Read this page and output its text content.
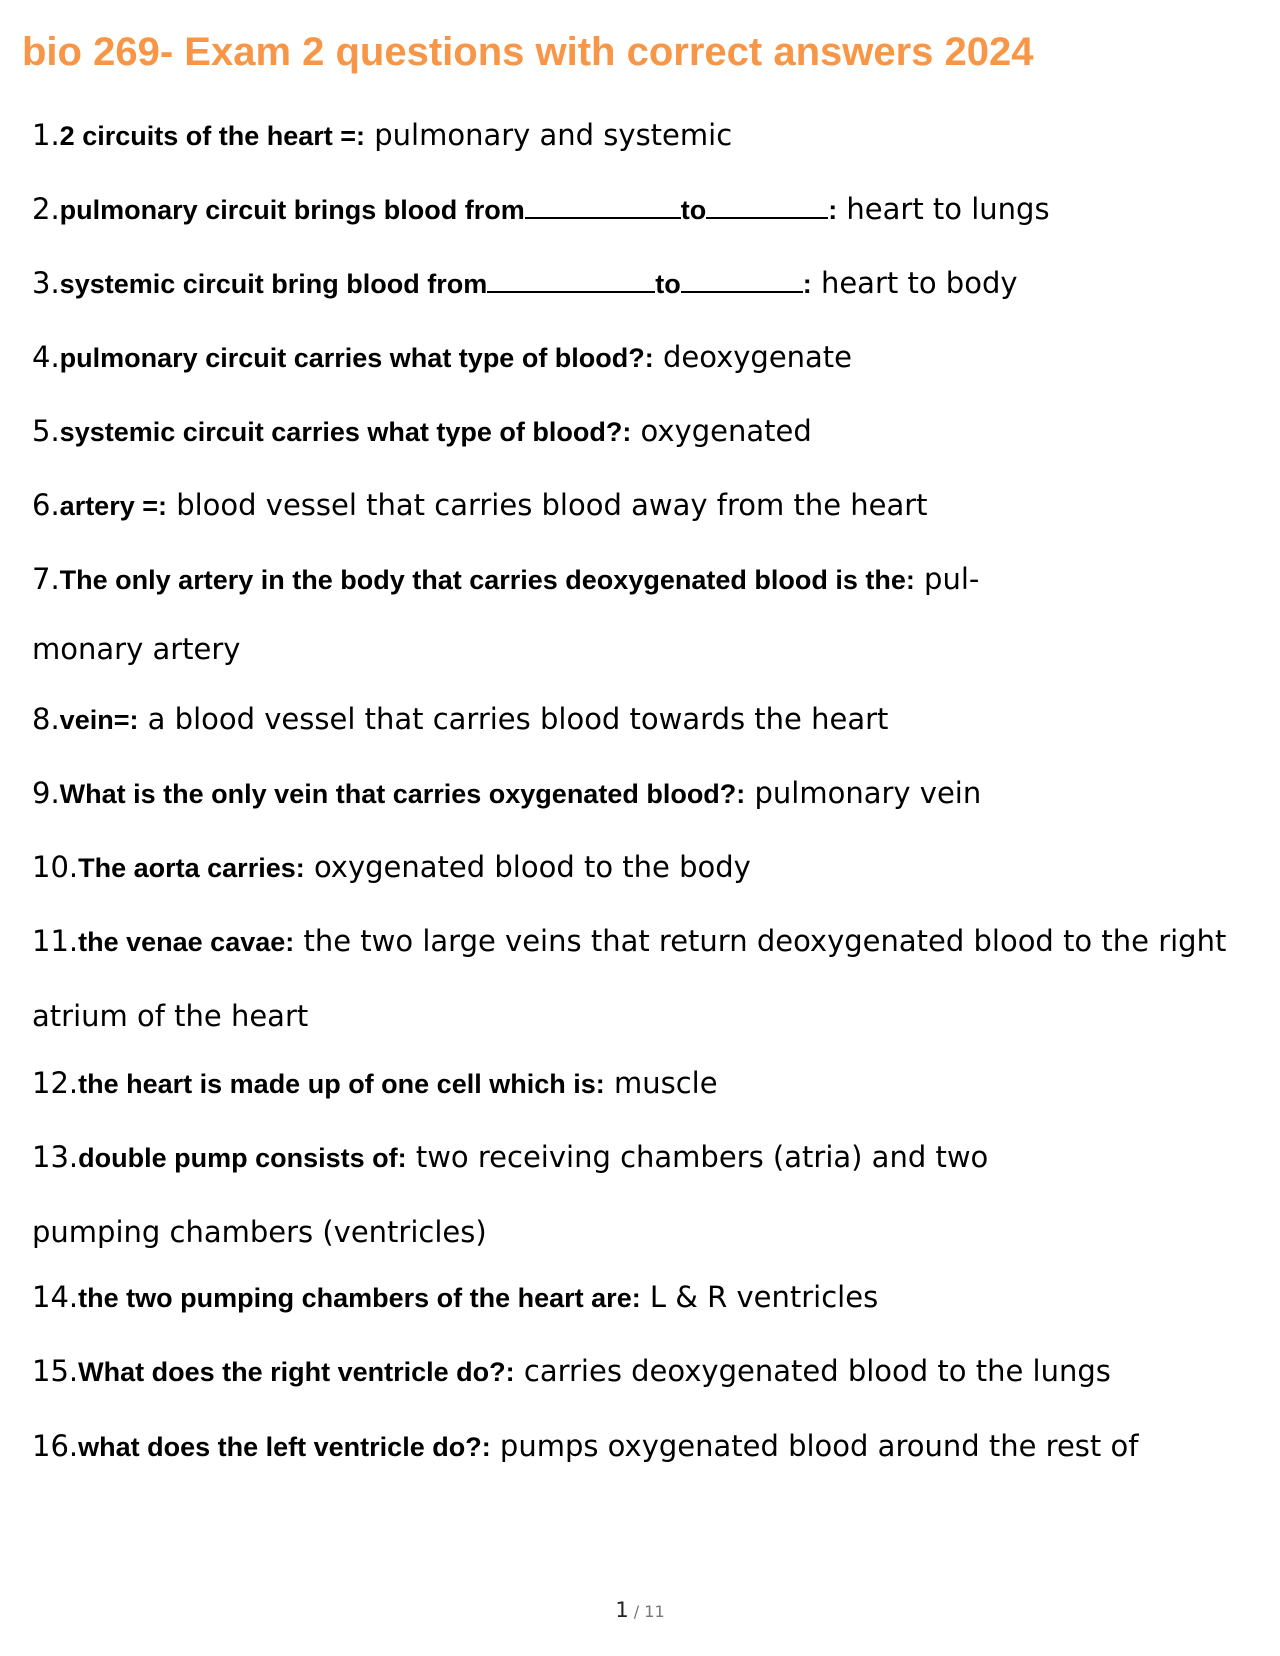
bio 269- Exam 2 questions with correct answers 2024
1.2 circuits of the heart =: pulmonary and systemic
2.pulmonary circuit brings blood from	to	: heart to lungs
3.systemic circuit bring blood from	to	: heart to body
4.pulmonary circuit carries what type of blood?: deoxygenate
5.systemic circuit carries what type of blood?: oxygenated
6.artery =: blood vessel that carries blood away from the heart
7.The only artery in the body that carries deoxygenated blood is the: pul-
monary artery
8.vein=: a blood vessel that carries blood towards the heart
9.What is the only vein that carries oxygenated blood?: pulmonary vein
10.The aorta carries: oxygenated blood to the body
11.the venae cavae: the two large veins that return deoxygenated blood to the right atrium of the heart
12.the heart is made up of one cell which is: muscle
13.double pump consists of: two receiving chambers (atria) and two pumping chambers (ventricles)
14.the two pumping chambers of the heart are: L & R ventricles
15.What does the right ventricle do?: carries deoxygenated blood to the lungs
16.what does the left ventricle do?: pumps oxygenated blood around the rest of
1 / 11
